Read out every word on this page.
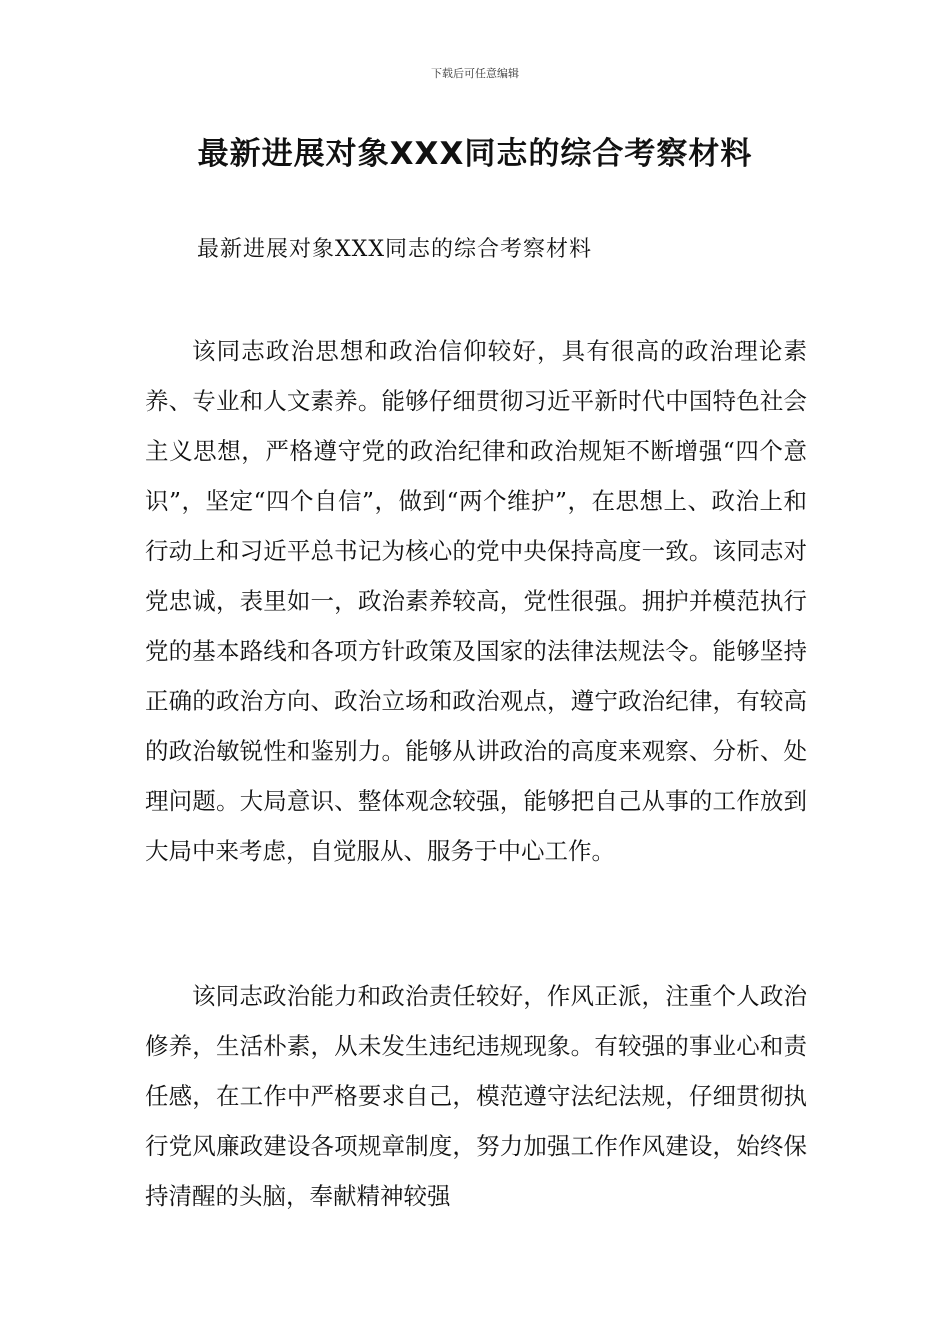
下载后可任意编辑
最新进展对象XXX同志的综合考察材料
最新进展对象XXX同志的综合考察材料

该同志政治思想和政治信仰较好，具有很高的政治理论素养、专业和人文素养。能够仔细贯彻习近平新时代中国特色社会主义思想，严格遵守党的政治纪律和政治规矩不断增强“四个意识”，坚定“四个自信”，做到“两个维护”，在思想上、政治上和行动上和习近平总书记为核心的党中央保持高度一致。该同志对党忠诚，表里如一，政治素养较高，党性很强。拥护并模范执行党的基本路线和各项方针政策及国家的法律法规法令。能够坚持正确的政治方向、政治立场和政治观点，遵宁政治纪律，有较高的政治敏锐性和鉴别力。能够从讲政治的高度来观察、分析、处理问题。大局意识、整体观念较强，能够把自己从事的工作放到大局中来考虑，自觉服从、服务于中心工作。

该同志政治能力和政治责任较好，作风正派，注重个人政治修养，生活朴素，从未发生违纪违规现象。有较强的事业心和责任感，在工作中严格要求自己，模范遵守法纪法规，仔细贯彻执行党风廉政建设各项规章制度，努力加强工作作风建设，始终保持清醒的头脑，奉献精神较强
